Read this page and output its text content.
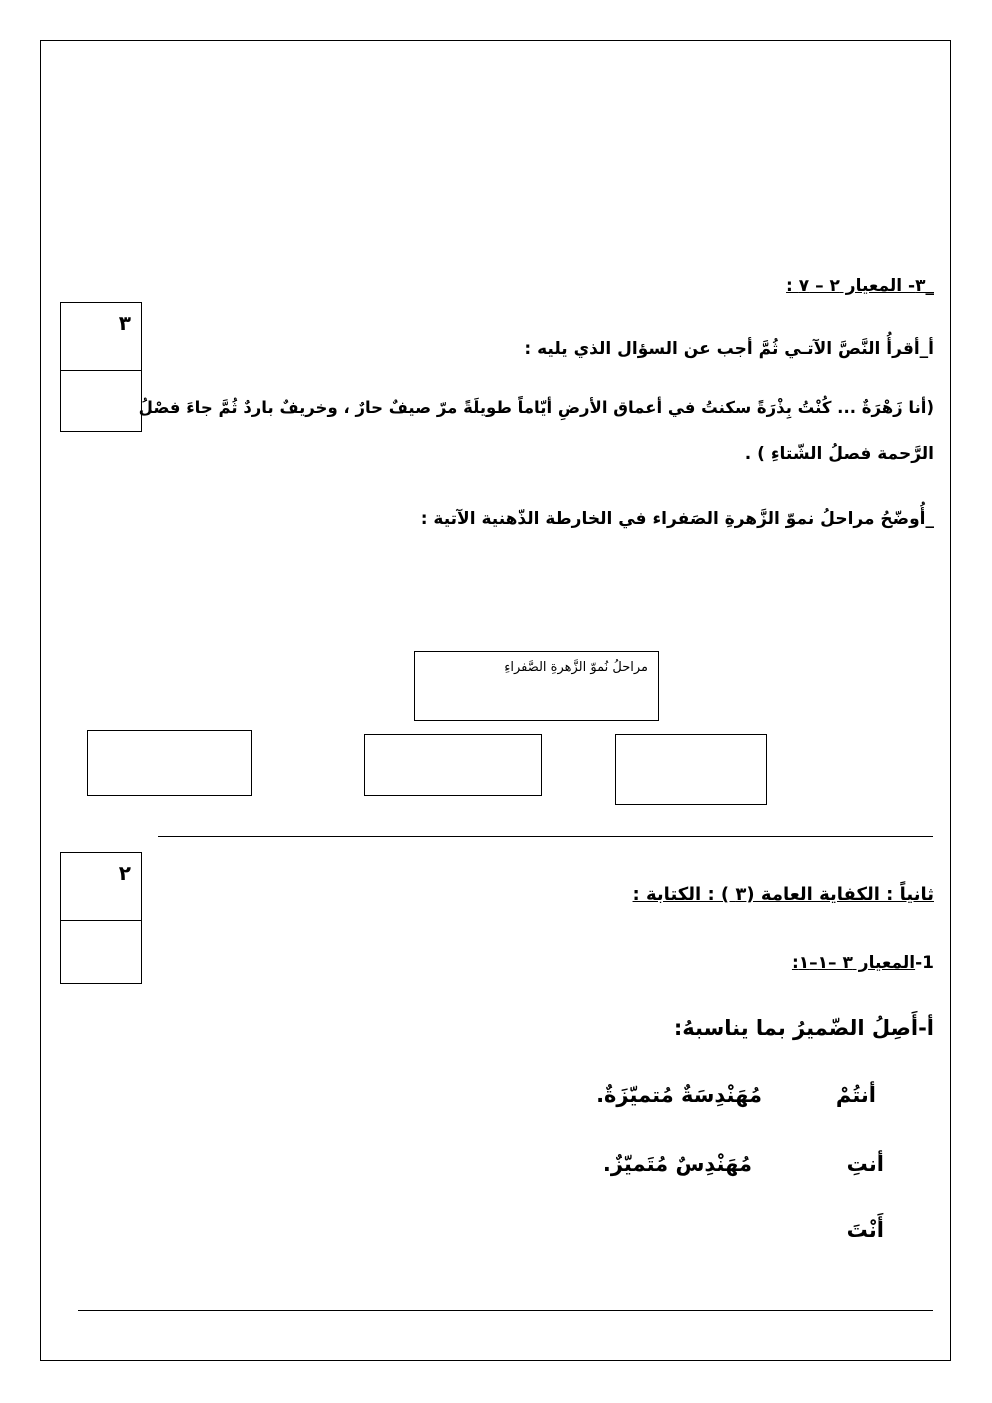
_٣- المعيار ٢ – ٧ :
٣
أ_أقرأُ النَّصَّ الآتـي ثُمَّ أجب عن السؤال الذي يليه :
(أنا زَهْرَةٌ ... كُنْتُ بِذْرَةً سكنتُ في أعماق الأرضِ أيّاماً طويلَةً مرّ صيفٌ حارٌ ، وخريفٌ باردٌ ثُمَّ جاءَ فصْلُ
الرَّحمة فصلُ الشّتاءِ ) .
_أُوضّحُ مراحلُ نموّ الزَّهرةِ الصَفراء في الخارطة الذّهنية الآتية :
مراحلُ نُموّ الزَّهرةِ الصَّفراءِ
٢
ثانياً : الكفاية العامة (٣ ) : الكتابة :
1-المعيار ٣ –١–١:
أ-أَصِلُ الضّميرُ بما يناسبهُ:
أنتُمْ
مُهَنْدِسَةٌ مُتميّزَةٌ.
أنتِ
مُهَنْدِسٌ مُتَميّزٌ.
أَنْتَ
